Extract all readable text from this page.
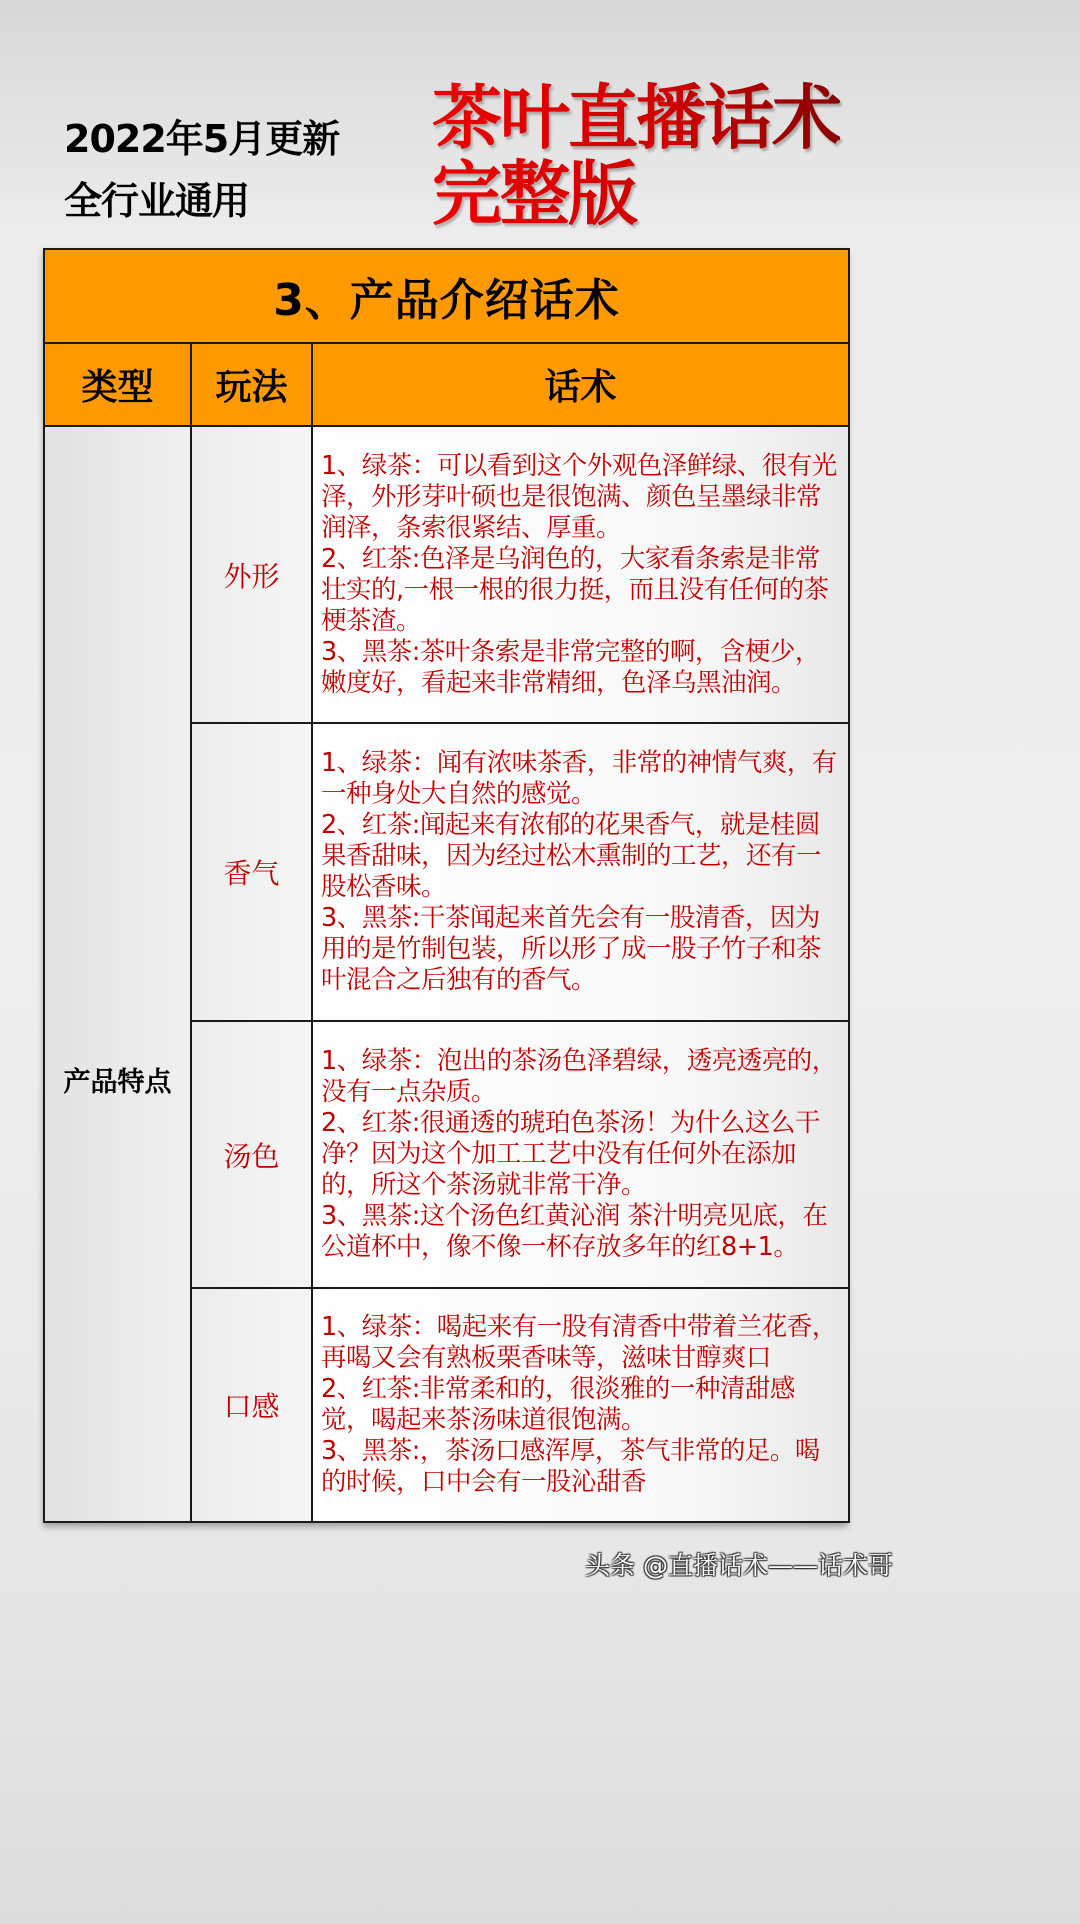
2022年5月更新
全行业通用
茶叶直播话术
完整版
3、产品介绍话术		
类型	玩法	话术
产品特点	外形	1、绿茶：可以看到这个外观色泽鲜绿、很有光泽，外形芽叶硕也是很饱满、颜色呈墨绿非常润泽，条索很紧结、厚重。

2、红茶:色泽是乌润色的，大家看条索是非常壮实的,一根一根的很力挺，而且没有任何的茶梗茶渣。

3、黑茶:茶叶条索是非常完整的啊，含梗少，嫩度好，看起来非常精细，色泽乌黑油润。

	香气	1、绿茶：闻有浓味茶香，非常的神情气爽，有一种身处大自然的感觉。

2、红茶:闻起来有浓郁的花果香气，就是桂圆果香甜味，因为经过松木熏制的工艺，还有一股松香味。

3、黑茶:干茶闻起来首先会有一股清香，因为用的是竹制包装，所以形了成一股子竹子和茶叶混合之后独有的香气。

	汤色	1、绿茶：泡出的茶汤色泽碧绿，透亮透亮的，没有一点杂质。

2、红茶:很通透的琥珀色茶汤！为什么这么干净？因为这个加工工艺中没有任何外在添加的，所这个茶汤就非常干净。

3、黑茶:这个汤色红黄沁润 茶汁明亮见底，在公道杯中，像不像一杯存放多年的红8+1。

	口感	1、绿茶：喝起来有一股有清香中带着兰花香，再喝又会有熟板栗香味等，滋味甘醇爽口

2、红茶:非常柔和的，很淡雅的一种清甜感觉，喝起来茶汤味道很饱满。

3、黑茶:，茶汤口感浑厚，茶气非常的足。喝的时候，口中会有一股沁甜香

头条 @直播话术——话术哥
